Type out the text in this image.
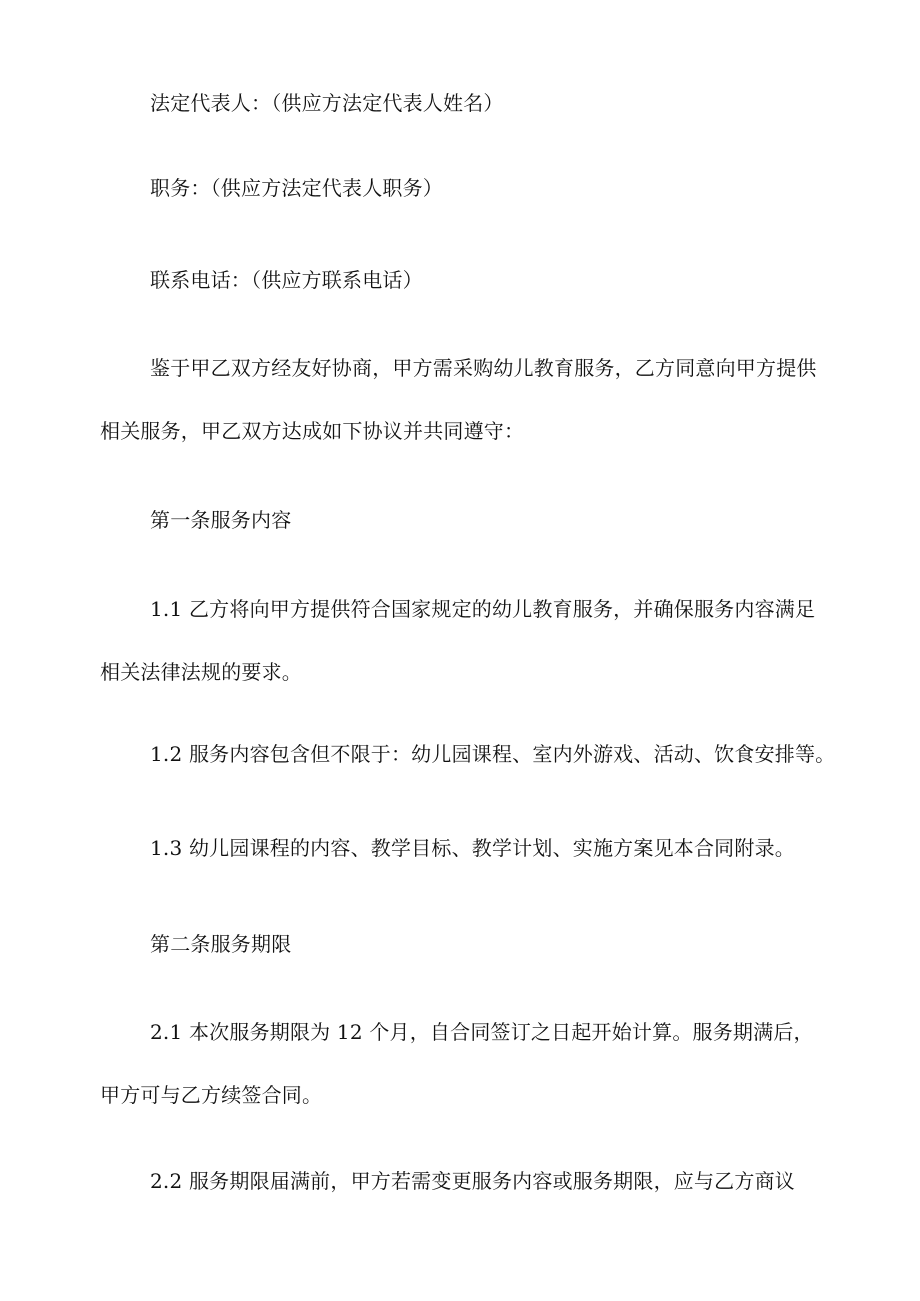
法定代表人：（供应方法定代表人姓名）

职务：（供应方法定代表人职务）

联系电话：（供应方联系电话）

鉴于甲乙双方经友好协商，甲方需采购幼儿教育服务，乙方同意向甲方提供
相关服务，甲乙双方达成如下协议并共同遵守：

第一条服务内容

1.1 乙方将向甲方提供符合国家规定的幼儿教育服务，并确保服务内容满足
相关法律法规的要求。

1.2 服务内容包含但不限于：幼儿园课程、室内外游戏、活动、饮食安排等。

1.3 幼儿园课程的内容、教学目标、教学计划、实施方案见本合同附录。

第二条服务期限

2.1 本次服务期限为 12 个月，自合同签订之日起开始计算。服务期满后，
甲方可与乙方续签合同。

2.2 服务期限届满前，甲方若需变更服务内容或服务期限，应与乙方商议
